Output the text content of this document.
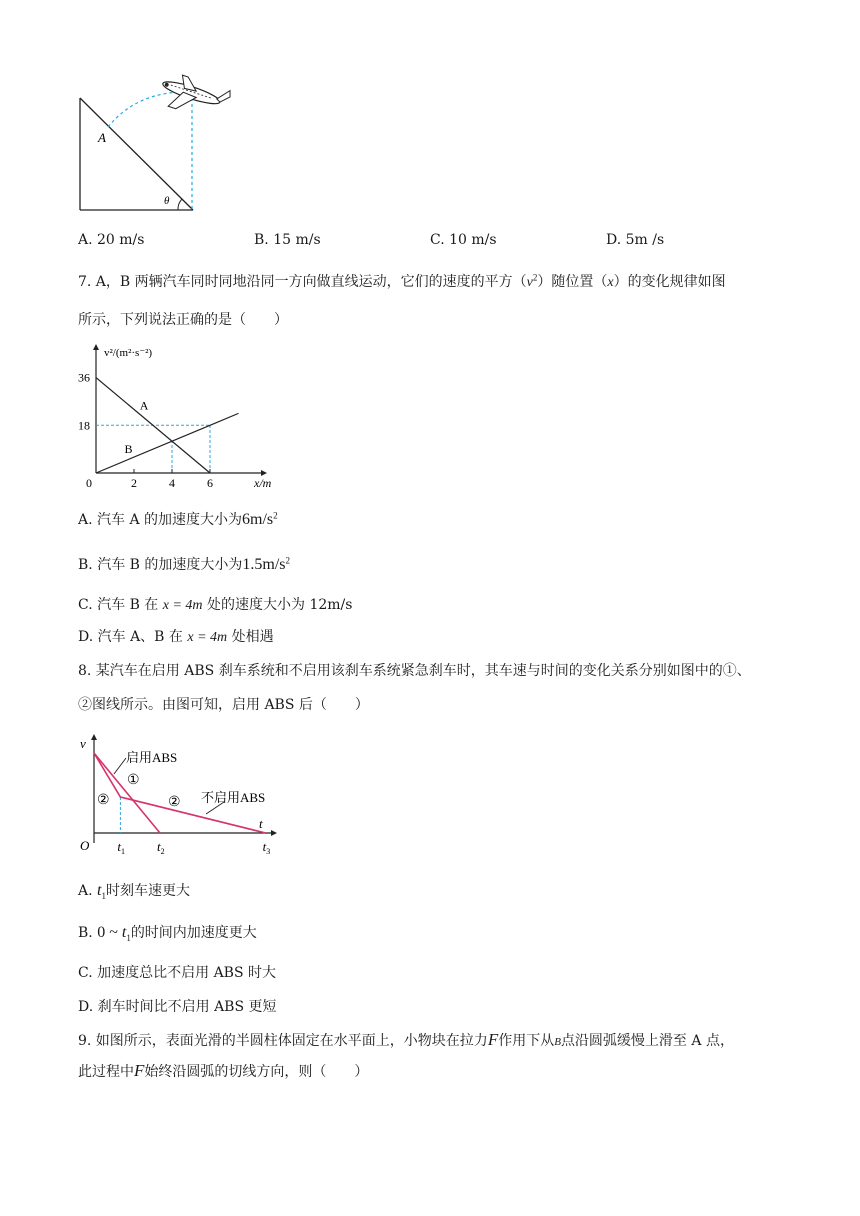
A
θ
A. 20 m/s	B. 15 m/s	C. 10 m/s	D. 5m /s
7. A，B 两辆汽车同时同地沿同一方向做直线运动，它们的速度的平方$(v^2)$随位置（x）的变化规律如图
所示，下列说法正确的是（　　）
A
B
2	4	6
36
18
0	x/m
v²/(m²·s⁻²)
A. 汽车 A 的加速度大小为$6m/s^2$
B. 汽车 B 的加速度大小为$1.5m/s^2$
C. 汽车 B 在 x = 4m 处的速度大小为 12m/s
D. 汽车 A、B 在 x = 4m 处相遇
8. 某汽车在启用 ABS 刹车系统和不启用该刹车系统紧急刹车时，其车速与时间的变化关系分别如图中的①、
②图线所示。由图可知，启用 ABS 后（　　）
启用ABS
①
②	② 不启用ABS
$t_1$ $t_2$	$t_3$
O
t
v
A. $t_1$时刻车速更大
B. 0 ~ $t_1$的时间内加速度更大
C. 加速度总比不启用 ABS 时大
D. 刹车时间比不启用 ABS 更短
9. 如图所示，表面光滑的半圆柱体固定在水平面上，小物块在拉力F作用下从B点沿圆弧缓慢上滑至 A 点，
此过程中F始终沿圆弧的切线方向，则（　　）
